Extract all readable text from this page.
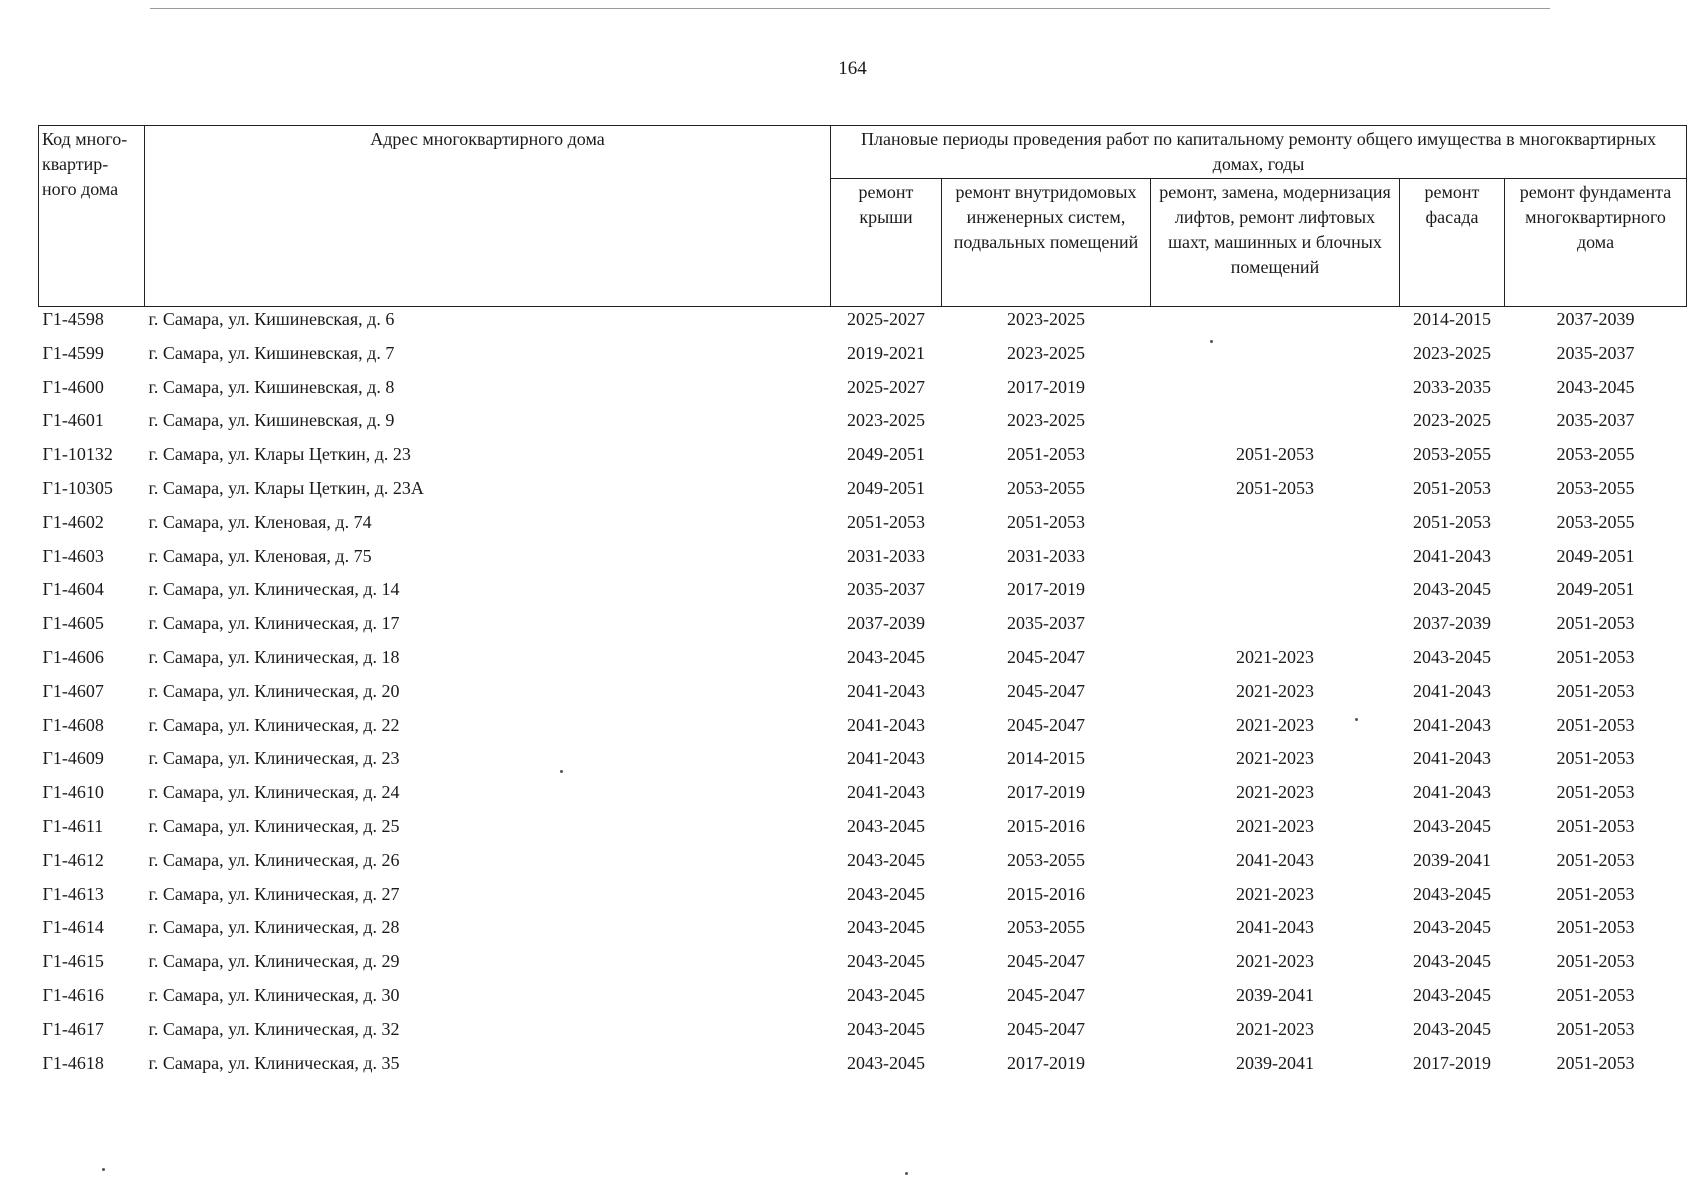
164
Код много-квартир-ного дома	Адрес многоквартирного дома	Плановые периоды проведения работ по капитальному ремонту общего имущества в многоквартирных домах, годы				
		ремонт крыши	ремонт внутридомовых инженерных систем, подвальных помещений	ремонт, замена, модернизация лифтов, ремонт лифтовых шахт, машинных и блочных помещений	ремонт фасада	ремонт фундамента многоквартирного дома
Г1-4598	г. Самара, ул. Кишиневская, д. 6	2025-2027	2023-2025		2014-2015	2037-2039
Г1-4599	г. Самара, ул. Кишиневская, д. 7	2019-2021	2023-2025		2023-2025	2035-2037
Г1-4600	г. Самара, ул. Кишиневская, д. 8	2025-2027	2017-2019		2033-2035	2043-2045
Г1-4601	г. Самара, ул. Кишиневская, д. 9	2023-2025	2023-2025		2023-2025	2035-2037
Г1-10132	г. Самара, ул. Клары Цеткин, д. 23	2049-2051	2051-2053	2051-2053	2053-2055	2053-2055
Г1-10305	г. Самара, ул. Клары Цеткин, д. 23А	2049-2051	2053-2055	2051-2053	2051-2053	2053-2055
Г1-4602	г. Самара, ул. Кленовая, д. 74	2051-2053	2051-2053		2051-2053	2053-2055
Г1-4603	г. Самара, ул. Кленовая, д. 75	2031-2033	2031-2033		2041-2043	2049-2051
Г1-4604	г. Самара, ул. Клиническая, д. 14	2035-2037	2017-2019		2043-2045	2049-2051
Г1-4605	г. Самара, ул. Клиническая, д. 17	2037-2039	2035-2037		2037-2039	2051-2053
Г1-4606	г. Самара, ул. Клиническая, д. 18	2043-2045	2045-2047	2021-2023	2043-2045	2051-2053
Г1-4607	г. Самара, ул. Клиническая, д. 20	2041-2043	2045-2047	2021-2023	2041-2043	2051-2053
Г1-4608	г. Самара, ул. Клиническая, д. 22	2041-2043	2045-2047	2021-2023	2041-2043	2051-2053
Г1-4609	г. Самара, ул. Клиническая, д. 23	2041-2043	2014-2015	2021-2023	2041-2043	2051-2053
Г1-4610	г. Самара, ул. Клиническая, д. 24	2041-2043	2017-2019	2021-2023	2041-2043	2051-2053
Г1-4611	г. Самара, ул. Клиническая, д. 25	2043-2045	2015-2016	2021-2023	2043-2045	2051-2053
Г1-4612	г. Самара, ул. Клиническая, д. 26	2043-2045	2053-2055	2041-2043	2039-2041	2051-2053
Г1-4613	г. Самара, ул. Клиническая, д. 27	2043-2045	2015-2016	2021-2023	2043-2045	2051-2053
Г1-4614	г. Самара, ул. Клиническая, д. 28	2043-2045	2053-2055	2041-2043	2043-2045	2051-2053
Г1-4615	г. Самара, ул. Клиническая, д. 29	2043-2045	2045-2047	2021-2023	2043-2045	2051-2053
Г1-4616	г. Самара, ул. Клиническая, д. 30	2043-2045	2045-2047	2039-2041	2043-2045	2051-2053
Г1-4617	г. Самара, ул. Клиническая, д. 32	2043-2045	2045-2047	2021-2023	2043-2045	2051-2053
Г1-4618	г. Самара, ул. Клиническая, д. 35	2043-2045	2017-2019	2039-2041	2017-2019	2051-2053
